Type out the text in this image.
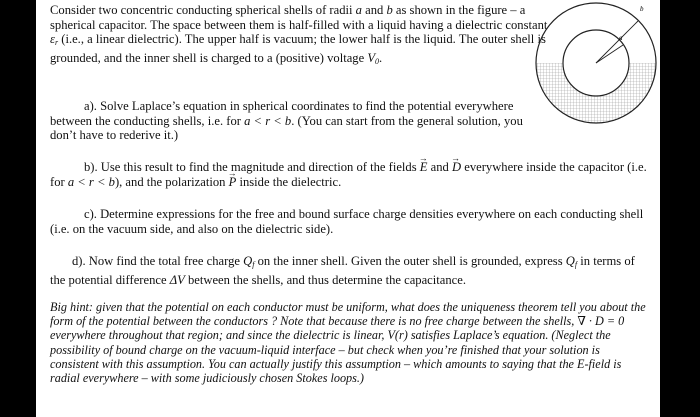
Consider two concentric conducting spherical shells of radii a and b as shown in the figure – a spherical capacitor. The space between them is half-filled with a liquid having a dielectric constant $\varepsilon_r$ (i.e., a linear dielectric). The upper half is vacuum; the lower half is the liquid. The outer shell is grounded, and the inner shell is charged to a (positive) voltage $V_0$.

a). Solve Laplace’s equation in spherical coordinates to find the potential everywhere between the conducting shells, i.e. for a < r < b. (You can start from the general solution, you don’t have to rederive it.)

b). Use this result to find the magnitude and direction of the fields → E and → D everywhere inside the capacitor (i.e. for a < r < b), and the polarization → P inside the dielectric.

c). Determine expressions for the free and bound surface charge densities everywhere on each conducting shell (i.e. on the vacuum side, and also on the dielectric side).

d). Now find the total free charge $Q_f$ on the inner shell. Given the outer shell is grounded, express $Q_f$ in terms of the potential difference ΔV between the shells, and thus determine the capacitance.

Big hint: given that the potential on each conductor must be uniform, what does the uniqueness theorem tell you about the form of the potential between the conductors ? Note that because there is no free charge between the shells, ∇ · D = 0 everywhere throughout that region; and since the dielectric is linear, V(r) satisfies Laplace’s equation. (Neglect the possibility of bound charge on the vacuum-liquid interface – but check when you’re finished that your solution is consistent with this assumption. You can actually justify this assumption – which amounts to saying that the E-field is radial everywhere – with some judiciously chosen Stokes loops.)

b
a
